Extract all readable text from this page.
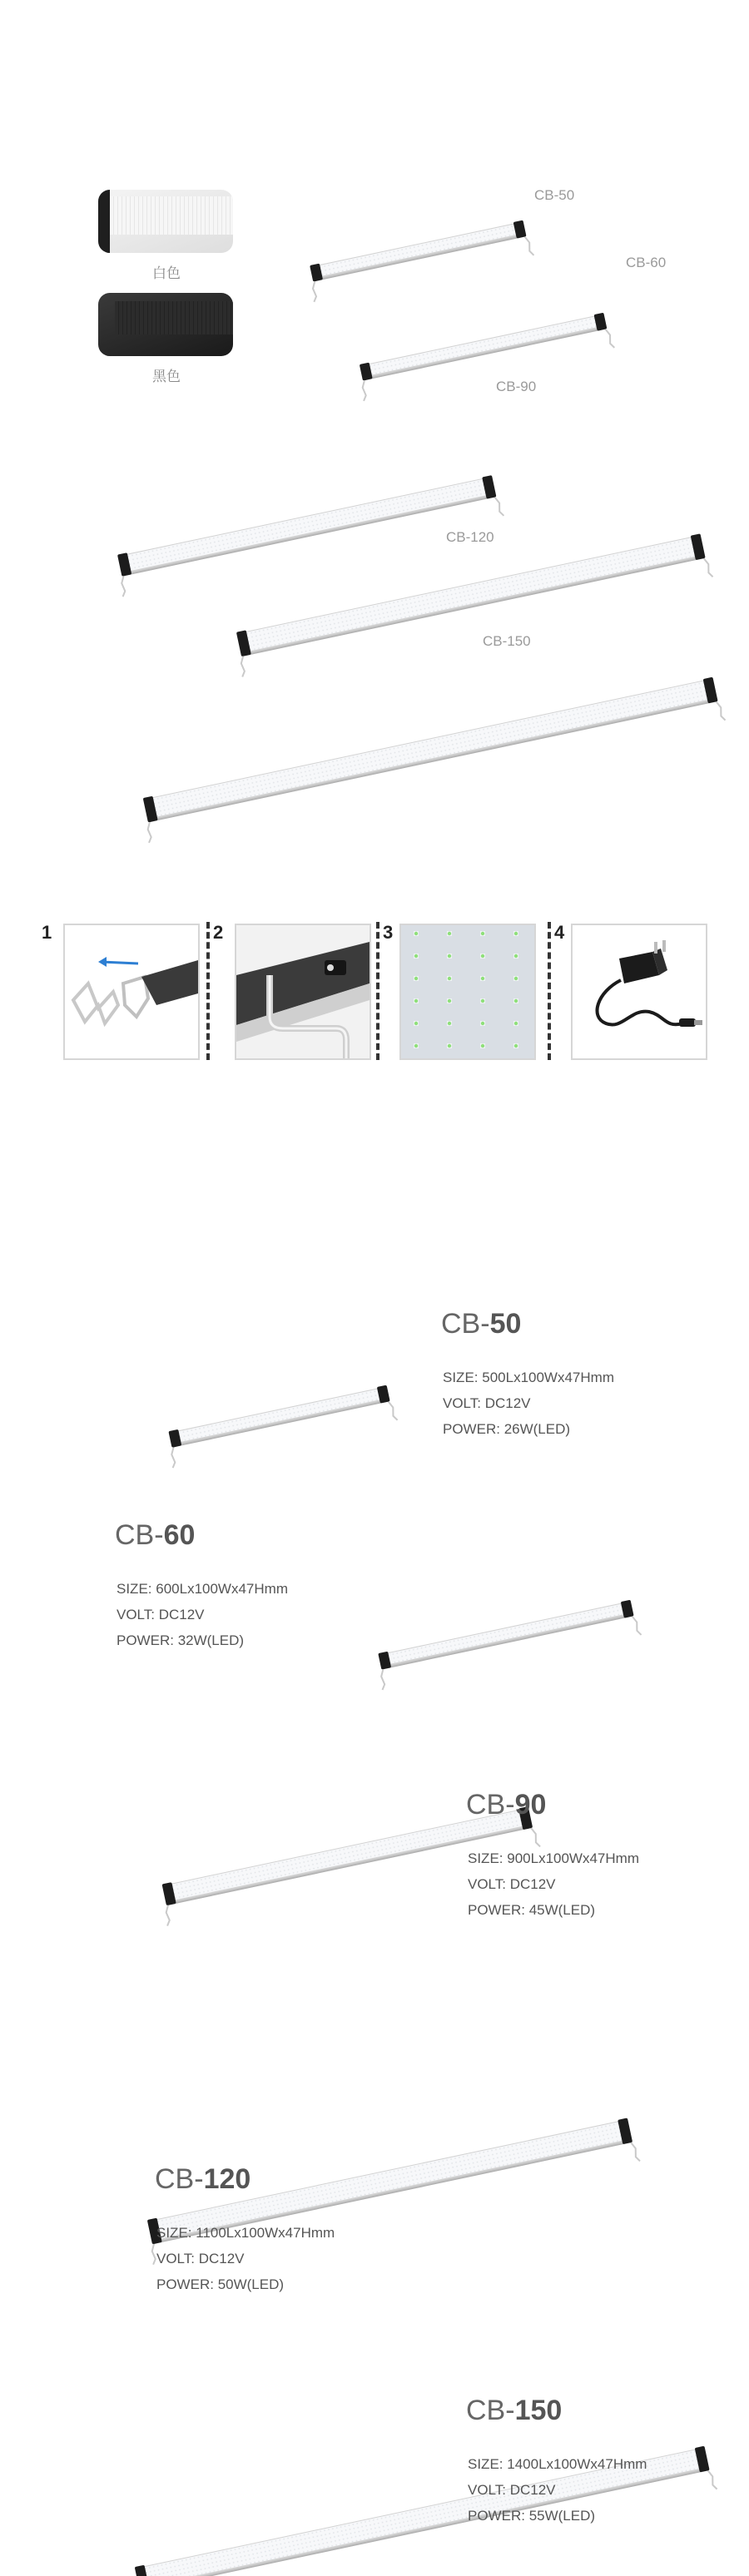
白色
黑色
CB-50
CB-60
CB-90
CB-120
CB-150
1	2	3	4
CB-50
SIZE: 500Lx100Wx47Hmm
VOLT: DC12V
POWER: 26W(LED)
CB-60
SIZE: 600Lx100Wx47Hmm
VOLT: DC12V
POWER: 32W(LED)
CB-90
SIZE: 900Lx100Wx47Hmm
VOLT: DC12V
POWER: 45W(LED)
CB-120
SIZE: 1100Lx100Wx47Hmm
VOLT: DC12V
POWER: 50W(LED)
CB-150
SIZE: 1400Lx100Wx47Hmm
VOLT: DC12V
POWER: 55W(LED)
